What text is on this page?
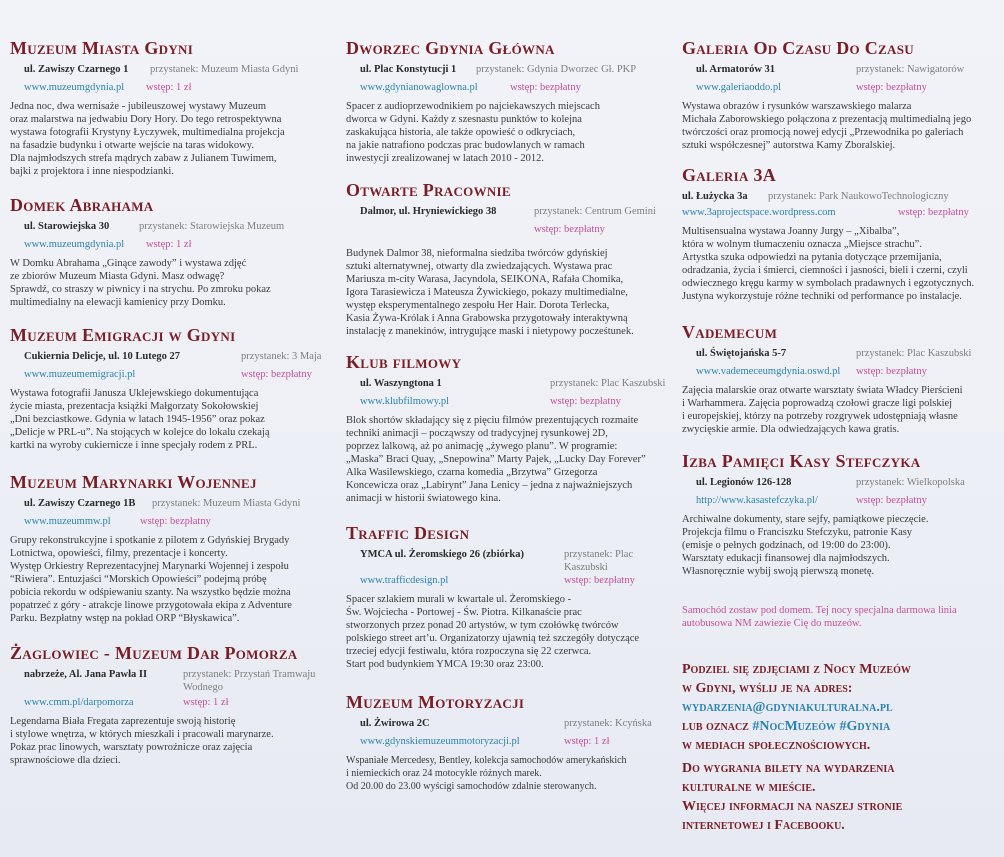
Muzeum Miasta Gdyni
ul. Zawiszy Czarnego 1 przystanek: Muzeum Miasta Gdyni
www.muzeumgdynia.pl wstęp: 1 zł

Jedna noc, dwa wernisaże - jubileuszowej wystawy Muzeum
oraz malarstwa na jedwabiu Dory Hory. Do tego retrospektywna
wystawa fotografii Krystyny Łyczywek, multimedialna projekcja
na fasadzie budynku i otwarte wejście na taras widokowy.
Dla najmłodszych strefa mądrych zabaw z Julianem Tuwimem,
bajki z projektora i inne niespodzianki.

Domek Abrahama
ul. Starowiejska 30	przystanek: Starowiejska Muzeum
www.muzeumgdynia.pl wstęp: 1 zł

W Domku Abrahama „Ginące zawody” i wystawa zdjęć
ze zbiorów Muzeum Miasta Gdyni. Masz odwagę?
Sprawdź, co straszy w piwnicy i na strychu. Po zmroku pokaz
multimedialny na elewacji kamienicy przy Domku.

Muzeum Emigracji w Gdyni
Cukiernia Delicje, ul. 10 Lutego 27	przystanek: 3 Maja
www.muzeumemigracji.pl	wstęp: bezpłatny

Wystawa fotografii Janusza Uklejewskiego dokumentująca
życie miasta, prezentacja książki Małgorzaty Sokołowskiej
„Dni bezciastkowe. Gdynia w latach 1945-1956” oraz pokaz
„Delicje w PRL-u”. Na stojących w kolejce do lokalu czekają
kartki na wyroby cukiernicze i inne specjały rodem z PRL.

Muzeum Marynarki Wojennej
ul. Zawiszy Czarnego 1B przystanek: Muzeum Miasta Gdyni
www.muzeummw.pl	wstęp: bezpłatny

Grupy rekonstrukcyjne i spotkanie z pilotem z Gdyńskiej Brygady
Lotnictwa, opowieści, filmy, prezentacje i koncerty.
Występ Orkiestry Reprezentacyjnej Marynarki Wojennej i zespołu
“Riwiera”. Entuzjaści “Morskich Opowieści” podejmą próbę
pobicia rekordu w odśpiewaniu szanty. Na wszystko będzie można
popatrzeć z góry - atrakcje linowe przygotowała ekipa z Adventure
Parku. Bezpłatny wstęp na pokład ORP “Błyskawica”.

Żaglowiec - Muzeum Dar Pomorza
nabrzeże, Al. Jana Pawła II	przystanek: Przystań Tramwaju Wodnego
www.cmm.pl/darpomorza	wstęp: 1 zł

Legendarna Biała Fregata zaprezentuje swoją historię
i stylowe wnętrza, w których mieszkali i pracowali marynarze.
Pokaz prac linowych, warsztaty powroźnicze oraz zajęcia
sprawnościowe dla dzieci.

Dworzec Gdynia Główna
ul. Plac Konstytucji 1 przystanek: Gdynia Dworzec Gł. PKP
www.gdynianowaglowna.pl	wstęp: bezpłatny

Spacer z audioprzewodnikiem po najciekawszych miejscach
dworca w Gdyni. Każdy z szesnastu punktów to kolejna
zaskakująca historia, ale także opowieść o odkryciach,
na jakie natrafiono podczas prac budowlanych w ramach
inwestycji zrealizowanej w latach 2010 - 2012.

Otwarte Pracownie
Dalmor, ul. Hryniewickiego 38	przystanek: Centrum Gemini
wstęp: bezpłatny

Budynek Dalmor 38, nieformalna siedziba twórców gdyńskiej
sztuki alternatywnej, otwarty dla zwiedzających. Wystawa prac
Mariusza m-city Warasa, Jacyndola, SEIKONA, Rafała Chomika,
Igora Tarasiewicza i Mateusza Żywickiego, pokazy multimedialne,
występ eksperymentalnego zespołu Her Hair. Dorota Terlecka,
Kasia Żywa-Królak i Anna Grabowska przygotowały interaktywną
instalację z manekinów, intrygujące maski i nietypowy pocześtunek.

Klub filmowy
ul. Waszyngtona 1	przystanek: Plac Kaszubski
www.klubfilmowy.pl	wstęp: bezpłatny

Blok shortów składający się z pięciu filmów prezentujących rozmaite
techniki animacji – począwszy od tradycyjnej rysunkowej 2D,
poprzez lalkową, aż po animację „żywego planu”. W programie:
„Maska” Braci Quay, „Snepowina” Marty Pajek, „Lucky Day Forever”
Alka Wasilewskiego, czarna komedia „Brzytwa” Grzegorza
Koncewicza oraz „Labirynt” Jana Lenicy – jedna z najważniejszych
animacji w historii światowego kina.

Traffic Design
YMCA ul. Żeromskiego 26 (zbiórka)	przystanek: Plac Kaszubski
www.trafficdesign.pl	wstęp: bezpłatny

Spacer szlakiem murali w kwartale ul. Żeromskiego -
Św. Wojciecha - Portowej - Św. Piotra. Kilkanaście prac
stworzonych przez ponad 20 artystów, w tym czołówkę twórców
polskiego street art’u. Organizatorzy ujawnią też szczegóły dotyczące
trzeciej edycji festiwalu, która rozpoczyna się 22 czerwca.
Start pod budynkiem YMCA 19:30 oraz 23:00.

Muzeum Motoryzacji
ul. Żwirowa 2C	przystanek: Kcyńska
www.gdynskiemuzeummotoryzacji.pl	wstęp: 1 zł

Wspaniałe Mercedesy, Bentley, kolekcja samochodów amerykańskich
i niemieckich oraz 24 motocykle różnych marek.
Od 20.00 do 23.00 wyścigi samochodów zdalnie sterowanych.

Galeria Od Czasu Do Czasu
ul. Armatorów 31	przystanek: Nawigatorów
www.galeriaoddo.pl	wstęp: bezpłatny

Wystawa obrazów i rysunków warszawskiego malarza
Michała Zaborowskiego połączona z prezentacją multimedialną jego
twórczości oraz promocją nowej edycji „Przewodnika po galeriach
sztuki współczesnej” autorstwa Kamy Zboralskiej.

Galeria 3A
ul. Łużycka 3a przystanek: Park NaukowoTechnologiczny
www.3aprojectspace.wordpress.com	wstęp: bezpłatny

Multisensualna wystawa Joanny Jurgy – „Xibalba”,
która w wolnym tłumaczeniu oznacza „Miejsce strachu”.
Artystka szuka odpowiedzi na pytania dotyczące przemijania,
odradzania, życia i śmierci, ciemności i jasności, bieli i czerni, czyli
odwiecznego kręgu karmy w symbolach pradawnych i egzotycznych.
Justyna wykorzystuje różne techniki od performance po instalacje.

Vademecum
ul. Świętojańska 5-7	przystanek: Plac Kaszubski
www.vademeceumgdynia.oswd.pl wstęp: bezpłatny

Zajęcia malarskie oraz otwarte warsztaty świata Władcy Pierścieni
i Warhammera. Zajęcia poprowadzą czołowi gracze ligi polskiej
i europejskiej, którzy na potrzeby rozgrywek udostępniają własne
zwycięskie armie. Dla odwiedzających kawa gratis.

Izba Pamięci Kasy Stefczyka
ul. Legionów 126-128	przystanek: Wielkopolska
http://www.kasastefczyka.pl/	wstęp: bezpłatny

Archiwalne dokumenty, stare sejfy, pamiątkowe pieczęcie.
Projekcja filmu o Franciszku Stefczyku, patronie Kasy
(emisje o pełnych godzinach, od 19:00 do 23:00).
Warsztaty edukacji finansowej dla najmłodszych.
Własnoręcznie wybij swoją pierwszą monetę.

Samochód zostaw pod domem. Tej nocy specjalna darmowa linia
autobusowa NM zawiezie Cię do muzeów.

Podziel się zdjęciami z Nocy Muzeów

w Gdyni, wyślij je na adres:

wydarzenia@gdyniakulturalna.pl

lub oznacz #NocMuzeów #Gdynia

w mediach społecznościowych.

Do wygrania bilety na wydarzenia

kulturalne w mieście.

Więcej informacji na naszej stronie

internetowej i Facebooku.
